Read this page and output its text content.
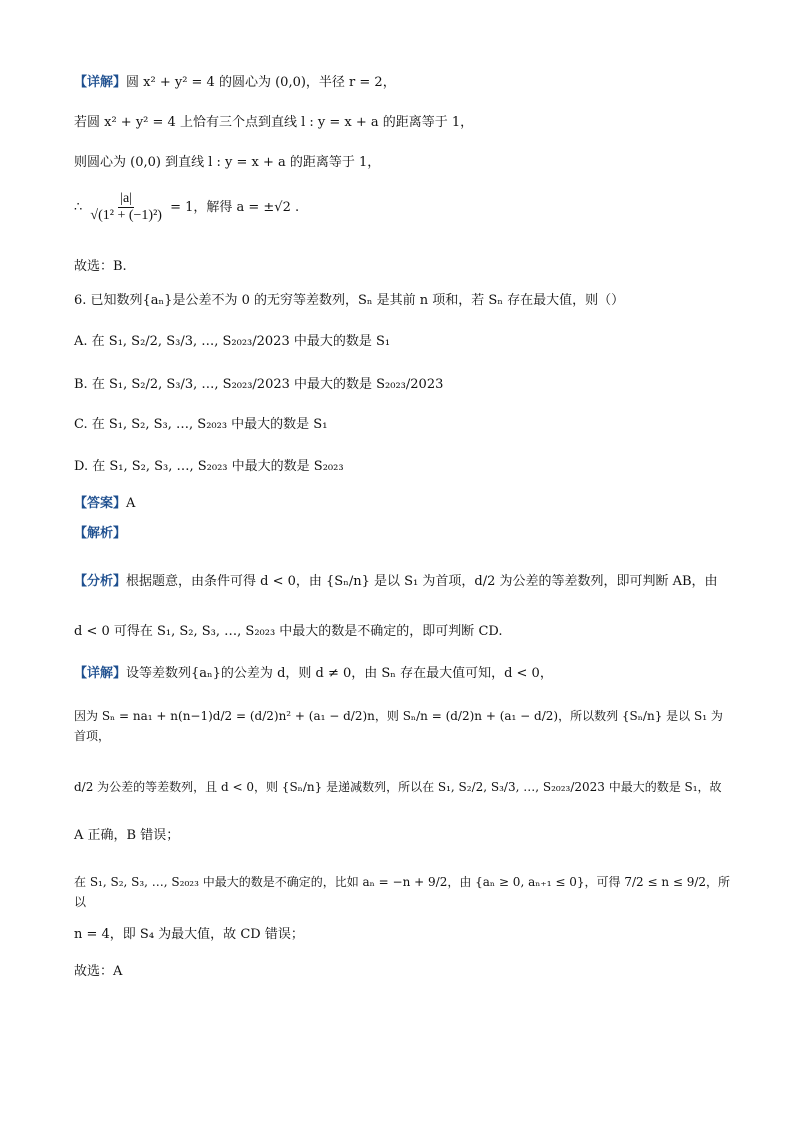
【详解】圆 x² + y² = 4 的圆心为 (0,0)，半径 r = 2，
若圆 x² + y² = 4 上恰有三个点到直线 l : y = x + a 的距离等于 1，
则圆心为 (0,0) 到直线 l : y = x + a 的距离等于 1，
∴ $\frac{|a|}{\text{√(1² + (−1)²)}} = 1$，解得 a = ±√2 .
故选：B.
6. 已知数列{aₙ}是公差不为 0 的无穷等差数列，Sₙ 是其前 n 项和，若 Sₙ 存在最大值，则（）
A. 在 S₁, S₂/2, S₃/3, …, S₂₀₂₃/2023 中最大的数是 S₁
B. 在 S₁, S₂/2, S₃/3, …, S₂₀₂₃/2023 中最大的数是 S₂₀₂₃/2023
C. 在 S₁, S₂, S₃, …, S₂₀₂₃ 中最大的数是 S₁
D. 在 S₁, S₂, S₃, …, S₂₀₂₃ 中最大的数是 S₂₀₂₃
【答案】A
【解析】
【分析】根据题意，由条件可得 d < 0，由 {Sₙ/n} 是以 S₁ 为首项，d/2 为公差的等差数列，即可判断 AB，由
d < 0 可得在 S₁, S₂, S₃, …, S₂₀₂₃ 中最大的数是不确定的，即可判断 CD.
【详解】设等差数列{aₙ}的公差为 d，则 d ≠ 0，由 Sₙ 存在最大值可知，d < 0，
因为 Sₙ = na₁ + n(n−1)d/2 = (d/2)n² + (a₁ − d/2)n，则 Sₙ/n = (d/2)n + (a₁ − d/2)，所以数列 {Sₙ/n} 是以 S₁ 为首项，
d/2 为公差的等差数列，且 d < 0，则 {Sₙ/n} 是递减数列，所以在 S₁, S₂/2, S₃/3, …, S₂₀₂₃/2023 中最大的数是 S₁，故
A 正确，B 错误；
在 S₁, S₂, S₃, …, S₂₀₂₃ 中最大的数是不确定的，比如 aₙ = −n + 9/2，由 {aₙ ≥ 0, aₙ₊₁ ≤ 0}，可得 7/2 ≤ n ≤ 9/2，所以
n = 4，即 S₄ 为最大值，故 CD 错误；
故选：A
